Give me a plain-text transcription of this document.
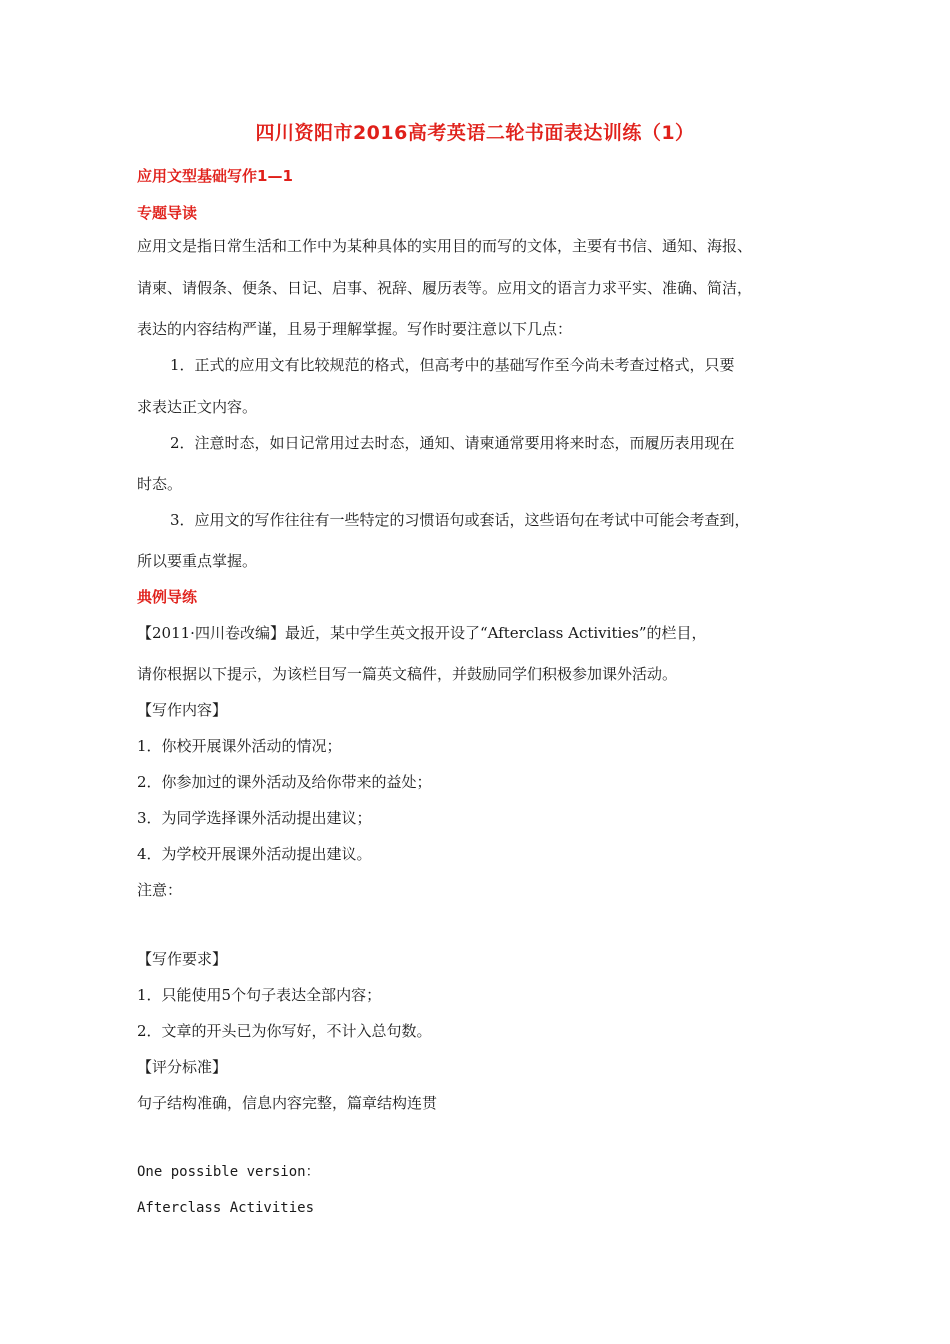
四川资阳市2016高考英语二轮书面表达训练（1）
应用文型基础写作1—1
专题导读
应用文是指日常生活和工作中为某种具体的实用目的而写的文体，主要有书信、通知、海报、
请柬、请假条、便条、日记、启事、祝辞、履历表等。应用文的语言力求平实、准确、简洁，
表达的内容结构严谨，且易于理解掌握。写作时要注意以下几点：
1．正式的应用文有比较规范的格式，但高考中的基础写作至今尚未考查过格式，只要
求表达正文内容。
2．注意时态，如日记常用过去时态，通知、请柬通常要用将来时态，而履历表用现在
时态。
3．应用文的写作往往有一些特定的习惯语句或套话，这些语句在考试中可能会考查到，
所以要重点掌握。
典例导练
【2011·四川卷改编】最近，某中学生英文报开设了“Afterclass Activities”的栏目，
请你根据以下提示，为该栏目写一篇英文稿件，并鼓励同学们积极参加课外活动。
【写作内容】
1．你校开展课外活动的情况；
2．你参加过的课外活动及给你带来的益处；
3．为同学选择课外活动提出建议；
4．为学校开展课外活动提出建议。
注意：
【写作要求】
1．只能使用5个句子表达全部内容；
2．文章的开头已为你写好，不计入总句数。
【评分标准】
句子结构准确，信息内容完整，篇章结构连贯
One possible version：
Afterclass Activities
